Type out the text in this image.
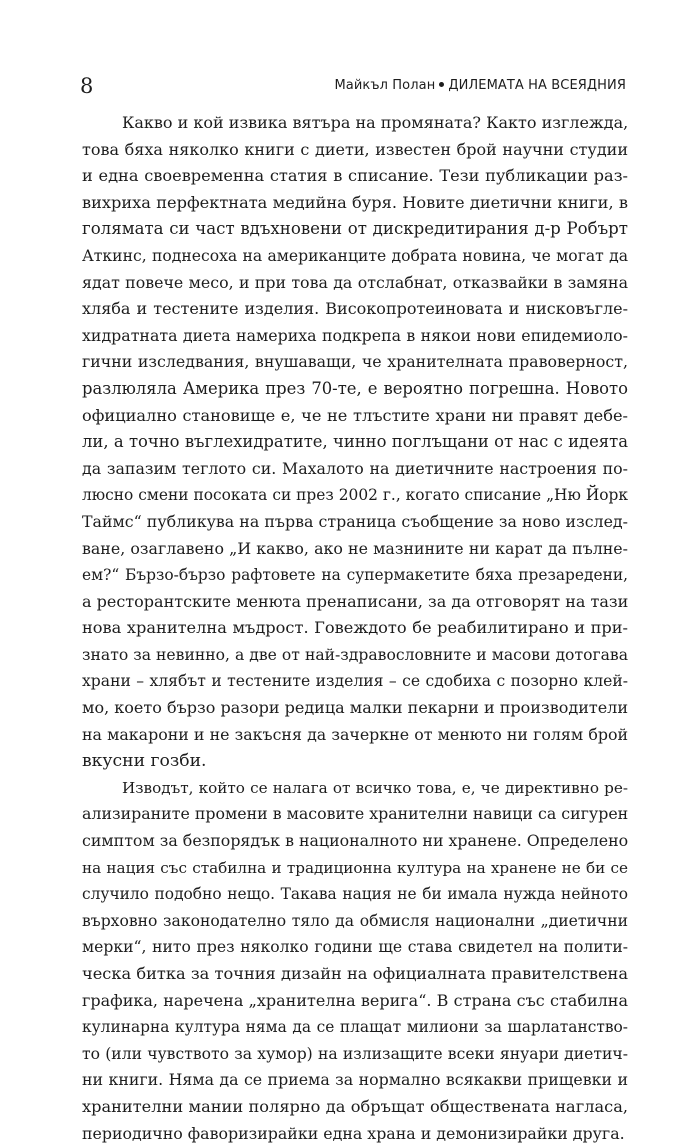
8	Майкъл Полан ДИЛЕМАТА НА ВСЕЯДНИЯ
Какво и кой извика вятъра на промяната? Както изглежда,
това бяха няколко книги с диети, известен брой научни студии
и една своевременна статия в списание. Тези публикации раз-
вихриха перфектната медийна буря. Новите диетични книги, в
голямата си част вдъхновени от дискредитирания д-р Робърт
Аткинс, поднесоха на американците добрата новина, че могат да
ядат повече месо, и при това да отслабнат, отказвайки в замяна
хляба и тестените изделия. Високопротеиновата и нисковъглe-
хидратната диета намериха подкрепа в някои нови епидемиоло-
гични изследвания, внушаващи, че хранителната правоверност,
разлюляла Америка през 70-те, е вероятно погрешна. Новото
официално становище е, че не тлъстите храни ни правят дебе-
ли, а точно въглехидратите, чинно поглъщани от нас с идеята
да запазим теглото си. Махалото на диетичните настроения по-
люсно смени посоката си през 2002 г., когато списание „Ню Йорк
Таймс“ публикува на първа страница съобщение за ново изслед-
ване, озаглавено „И какво, ако не мазнините ни карат да пълне-
ем?“ Бързо-бързо рафтовете на супермакетите бяха презаредени,
а ресторантските менюта пренаписани, за да отговорят на тази
нова хранителна мъдрост. Говеждото бе реабилитирано и при-
знато за невинно, а две от най-здравословните и масови дотогава
храни – хлябът и тестените изделия – се сдобиха с позорно клей-
мо, което бързо разори редица малки пекарни и производители
на макарони и не закъсня да зачеркне от менюто ни голям брой
вкусни гозби.
Изводът, който се налага от всичко това, е, че директивно ре-
ализираните промени в масовите хранителни навици са сигурен
симптом за безпорядък в националното ни хранене. Определено
на нация със стабилна и традиционна култура на хранене не би се
случило подобно нещо. Такава нация не би имала нужда нейното
върховно законодателно тяло да обмисля национални „диетични
мерки“, нито през няколко години ще става свидетел на полити-
ческа битка за точния дизайн на официалната правителствена
графика, наречена „хранителна верига“. В страна със стабилна
кулинарна култура няма да се плащат милиони за шарлатанство-
то (или чувството за хумор) на излизащите всеки януари диетич-
ни книги. Няма да се приема за нормално всякакви прищевки и
хранителни мании полярно да обръщат обществената нагласа,
периодично фаворизирайки една храна и демонизирайки друга.
